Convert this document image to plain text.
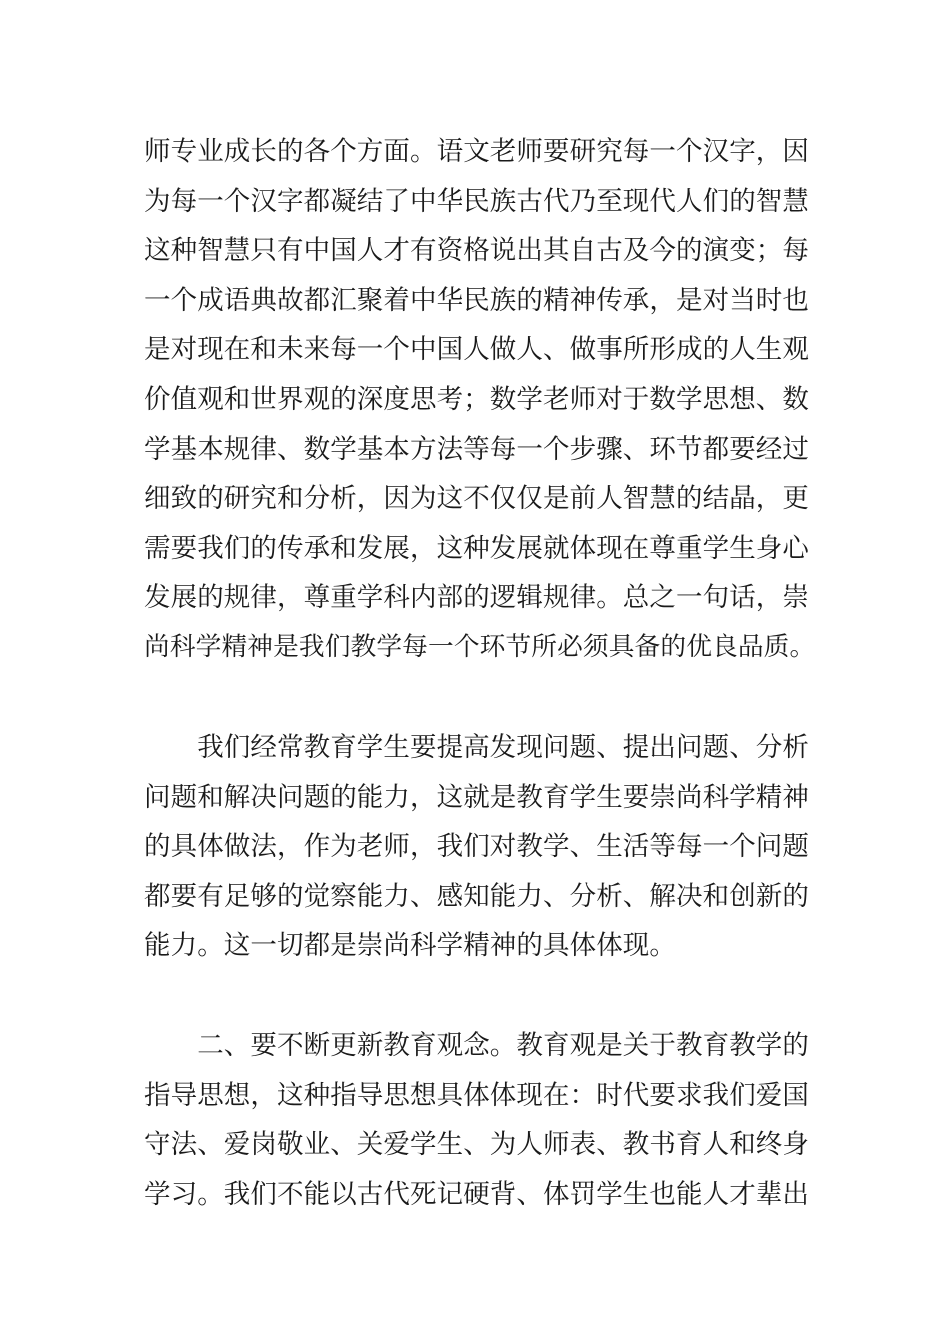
师专业成长的各个方面。语文老师要研究每一个汉字，因
为每一个汉字都凝结了中华民族古代乃至现代人们的智慧
这种智慧只有中国人才有资格说出其自古及今的演变；每
一个成语典故都汇聚着中华民族的精神传承，是对当时也
是对现在和未来每一个中国人做人、做事所形成的人生观
价值观和世界观的深度思考；数学老师对于数学思想、数
学基本规律、数学基本方法等每一个步骤、环节都要经过
细致的研究和分析，因为这不仅仅是前人智慧的结晶，更
需要我们的传承和发展，这种发展就体现在尊重学生身心
发展的规律，尊重学科内部的逻辑规律。总之一句话，崇
尚科学精神是我们教学每一个环节所必须具备的优良品质。
　　我们经常教育学生要提高发现问题、提出问题、分析
问题和解决问题的能力，这就是教育学生要崇尚科学精神
的具体做法，作为老师，我们对教学、生活等每一个问题
都要有足够的觉察能力、感知能力、分析、解决和创新的
能力。这一切都是崇尚科学精神的具体体现。
　　二、要不断更新教育观念。教育观是关于教育教学的
指导思想，这种指导思想具体体现在：时代要求我们爱国
守法、爱岗敬业、关爱学生、为人师表、教书育人和终身
学习。我们不能以古代死记硬背、体罚学生也能人才辈出
